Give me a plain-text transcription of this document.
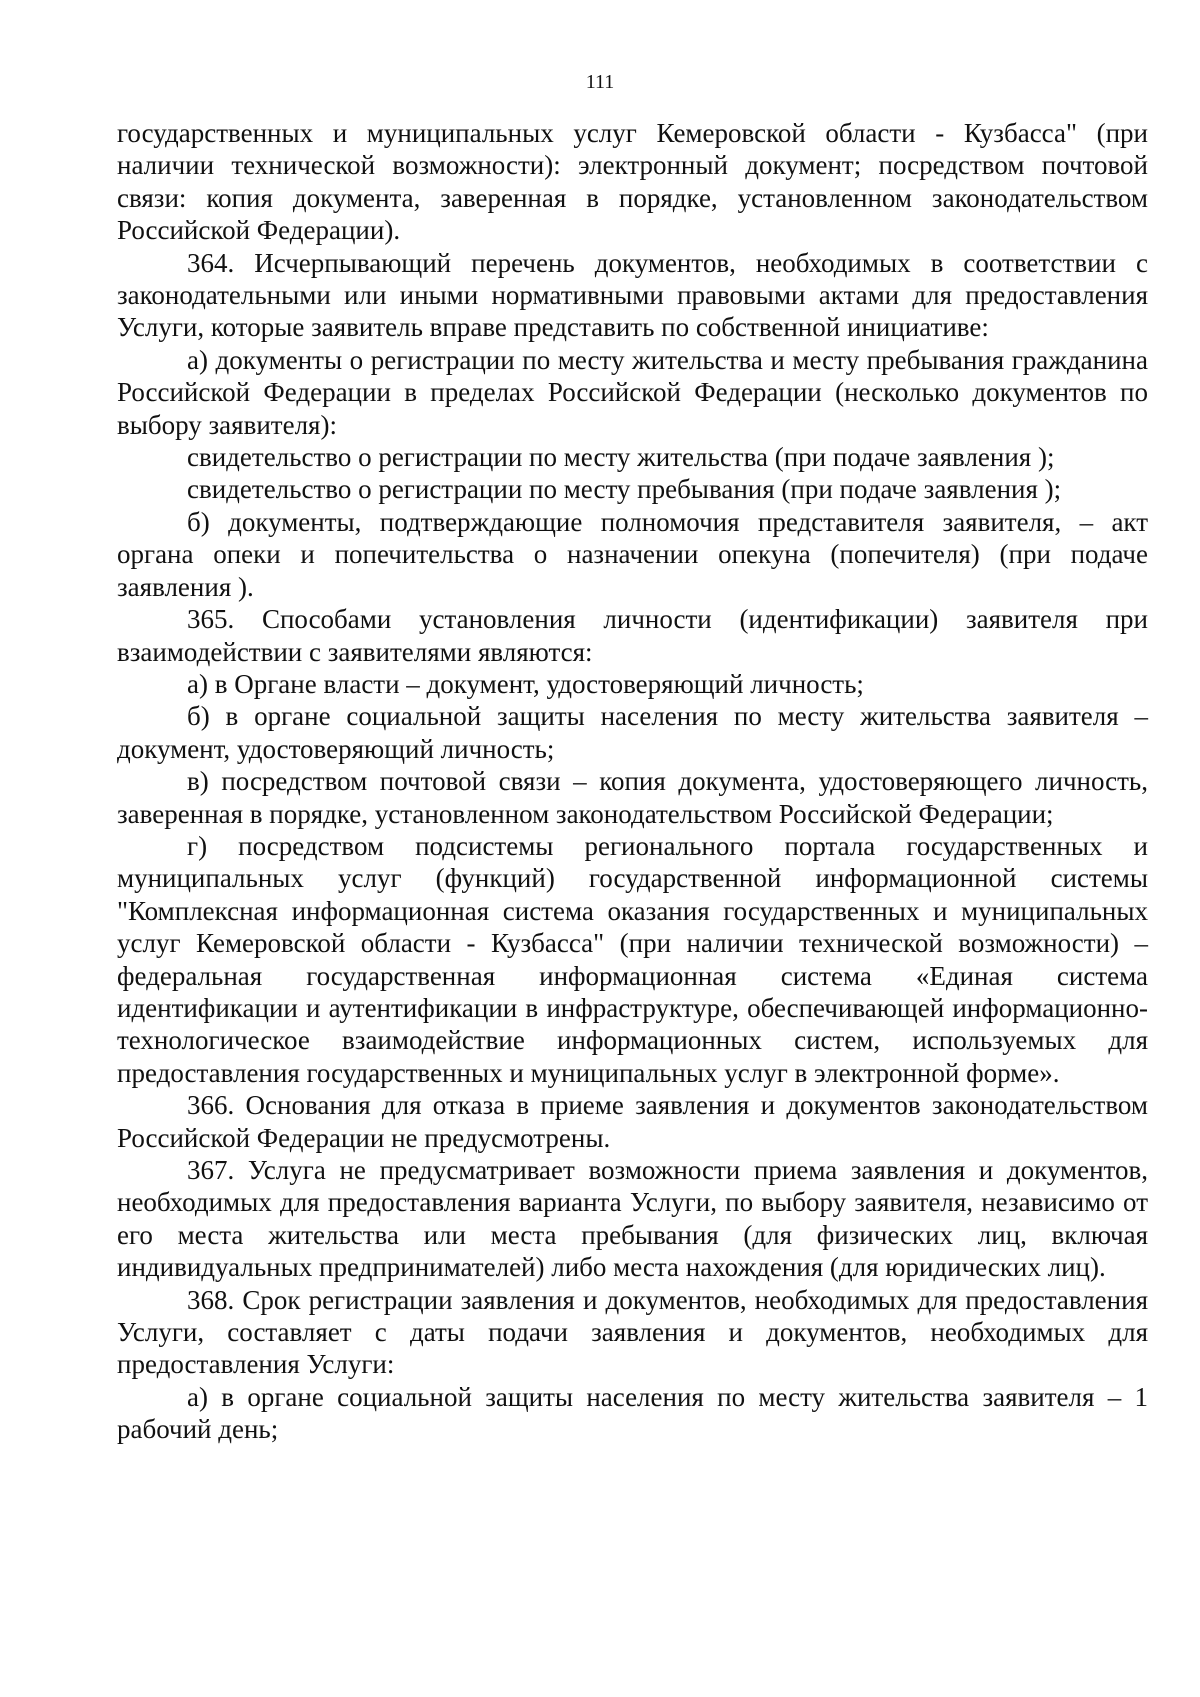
111

государственных и муниципальных услуг Кемеровской области - Кузбасса" (при наличии технической возможности): электронный документ; посредством почтовой связи: копия документа, заверенная в порядке, установленном законодательством Российской Федерации).

364. Исчерпывающий перечень документов, необходимых в соответствии с законодательными или иными нормативными правовыми актами для предоставления Услуги, которые заявитель вправе представить по собственной инициативе:

а) документы о регистрации по месту жительства и месту пребывания гражданина Российской Федерации в пределах Российской Федерации (несколько документов по выбору заявителя):

свидетельство о регистрации по месту жительства (при подаче заявления );

свидетельство о регистрации по месту пребывания (при подаче заявления );

б) документы, подтверждающие полномочия представителя заявителя, – акт органа опеки и попечительства о назначении опекуна (попечителя) (при подаче заявления ).

365. Способами установления личности (идентификации) заявителя при взаимодействии с заявителями являются:

а) в Органе власти – документ, удостоверяющий личность;

б) в органе социальной защиты населения по месту жительства заявителя – документ, удостоверяющий личность;

в) посредством почтовой связи – копия документа, удостоверяющего личность, заверенная в порядке, установленном законодательством Российской Федерации;

г) посредством подсистемы регионального портала государственных и муниципальных услуг (функций) государственной информационной системы "Комплексная информационная система оказания государственных и муниципальных услуг Кемеровской области - Кузбасса" (при наличии технической возможности) – федеральная государственная информационная система «Единая система идентификации и аутентификации в инфраструктуре, обеспечивающей информационно-технологическое взаимодействие информационных систем, используемых для предоставления государственных и муниципальных услуг в электронной форме».

366. Основания для отказа в приеме заявления и документов законодательством Российской Федерации не предусмотрены.

367. Услуга не предусматривает возможности приема заявления и документов, необходимых для предоставления варианта Услуги, по выбору заявителя, независимо от его места жительства или места пребывания (для физических лиц, включая индивидуальных предпринимателей) либо места нахождения (для юридических лиц).

368. Срок регистрации заявления и документов, необходимых для предоставления Услуги, составляет с даты подачи заявления и документов, необходимых для предоставления Услуги:

а) в органе социальной защиты населения по месту жительства заявителя – 1 рабочий день;
